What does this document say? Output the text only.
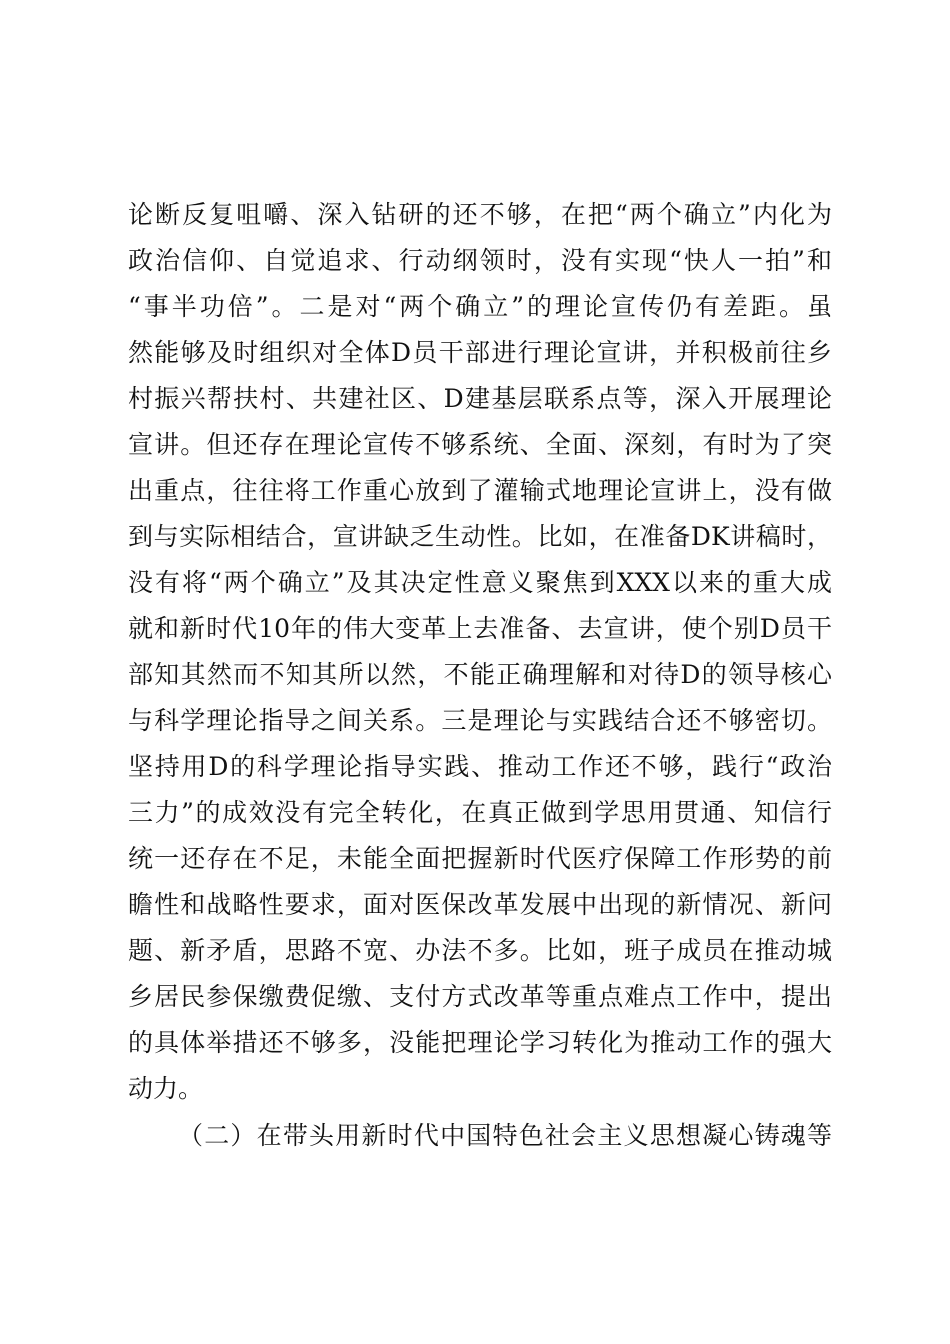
论断反复咀嚼、深入钻研的还不够，在把“两个确立”内化为
政治信仰、自觉追求、行动纲领时，没有实现“快人一拍”和
“事半功倍”。二是对“两个确立”的理论宣传仍有差距。虽
然能够及时组织对全体D员干部进行理论宣讲，并积极前往乡
村振兴帮扶村、共建社区、D建基层联系点等，深入开展理论
宣讲。但还存在理论宣传不够系统、全面、深刻，有时为了突
出重点，往往将工作重心放到了灌输式地理论宣讲上，没有做
到与实际相结合，宣讲缺乏生动性。比如，在准备DK讲稿时，
没有将“两个确立”及其决定性意义聚焦到XXX以来的重大成
就和新时代10年的伟大变革上去准备、去宣讲，使个别D员干
部知其然而不知其所以然，不能正确理解和对待D的领导核心
与科学理论指导之间关系。三是理论与实践结合还不够密切。
坚持用D的科学理论指导实践、推动工作还不够，践行“政治
三力”的成效没有完全转化，在真正做到学思用贯通、知信行
统一还存在不足，未能全面把握新时代医疗保障工作形势的前
瞻性和战略性要求，面对医保改革发展中出现的新情况、新问
题、新矛盾，思路不宽、办法不多。比如，班子成员在推动城
乡居民参保缴费促缴、支付方式改革等重点难点工作中，提出
的具体举措还不够多，没能把理论学习转化为推动工作的强大
动力。
（二）在带头用新时代中国特色社会主义思想凝心铸魂等
